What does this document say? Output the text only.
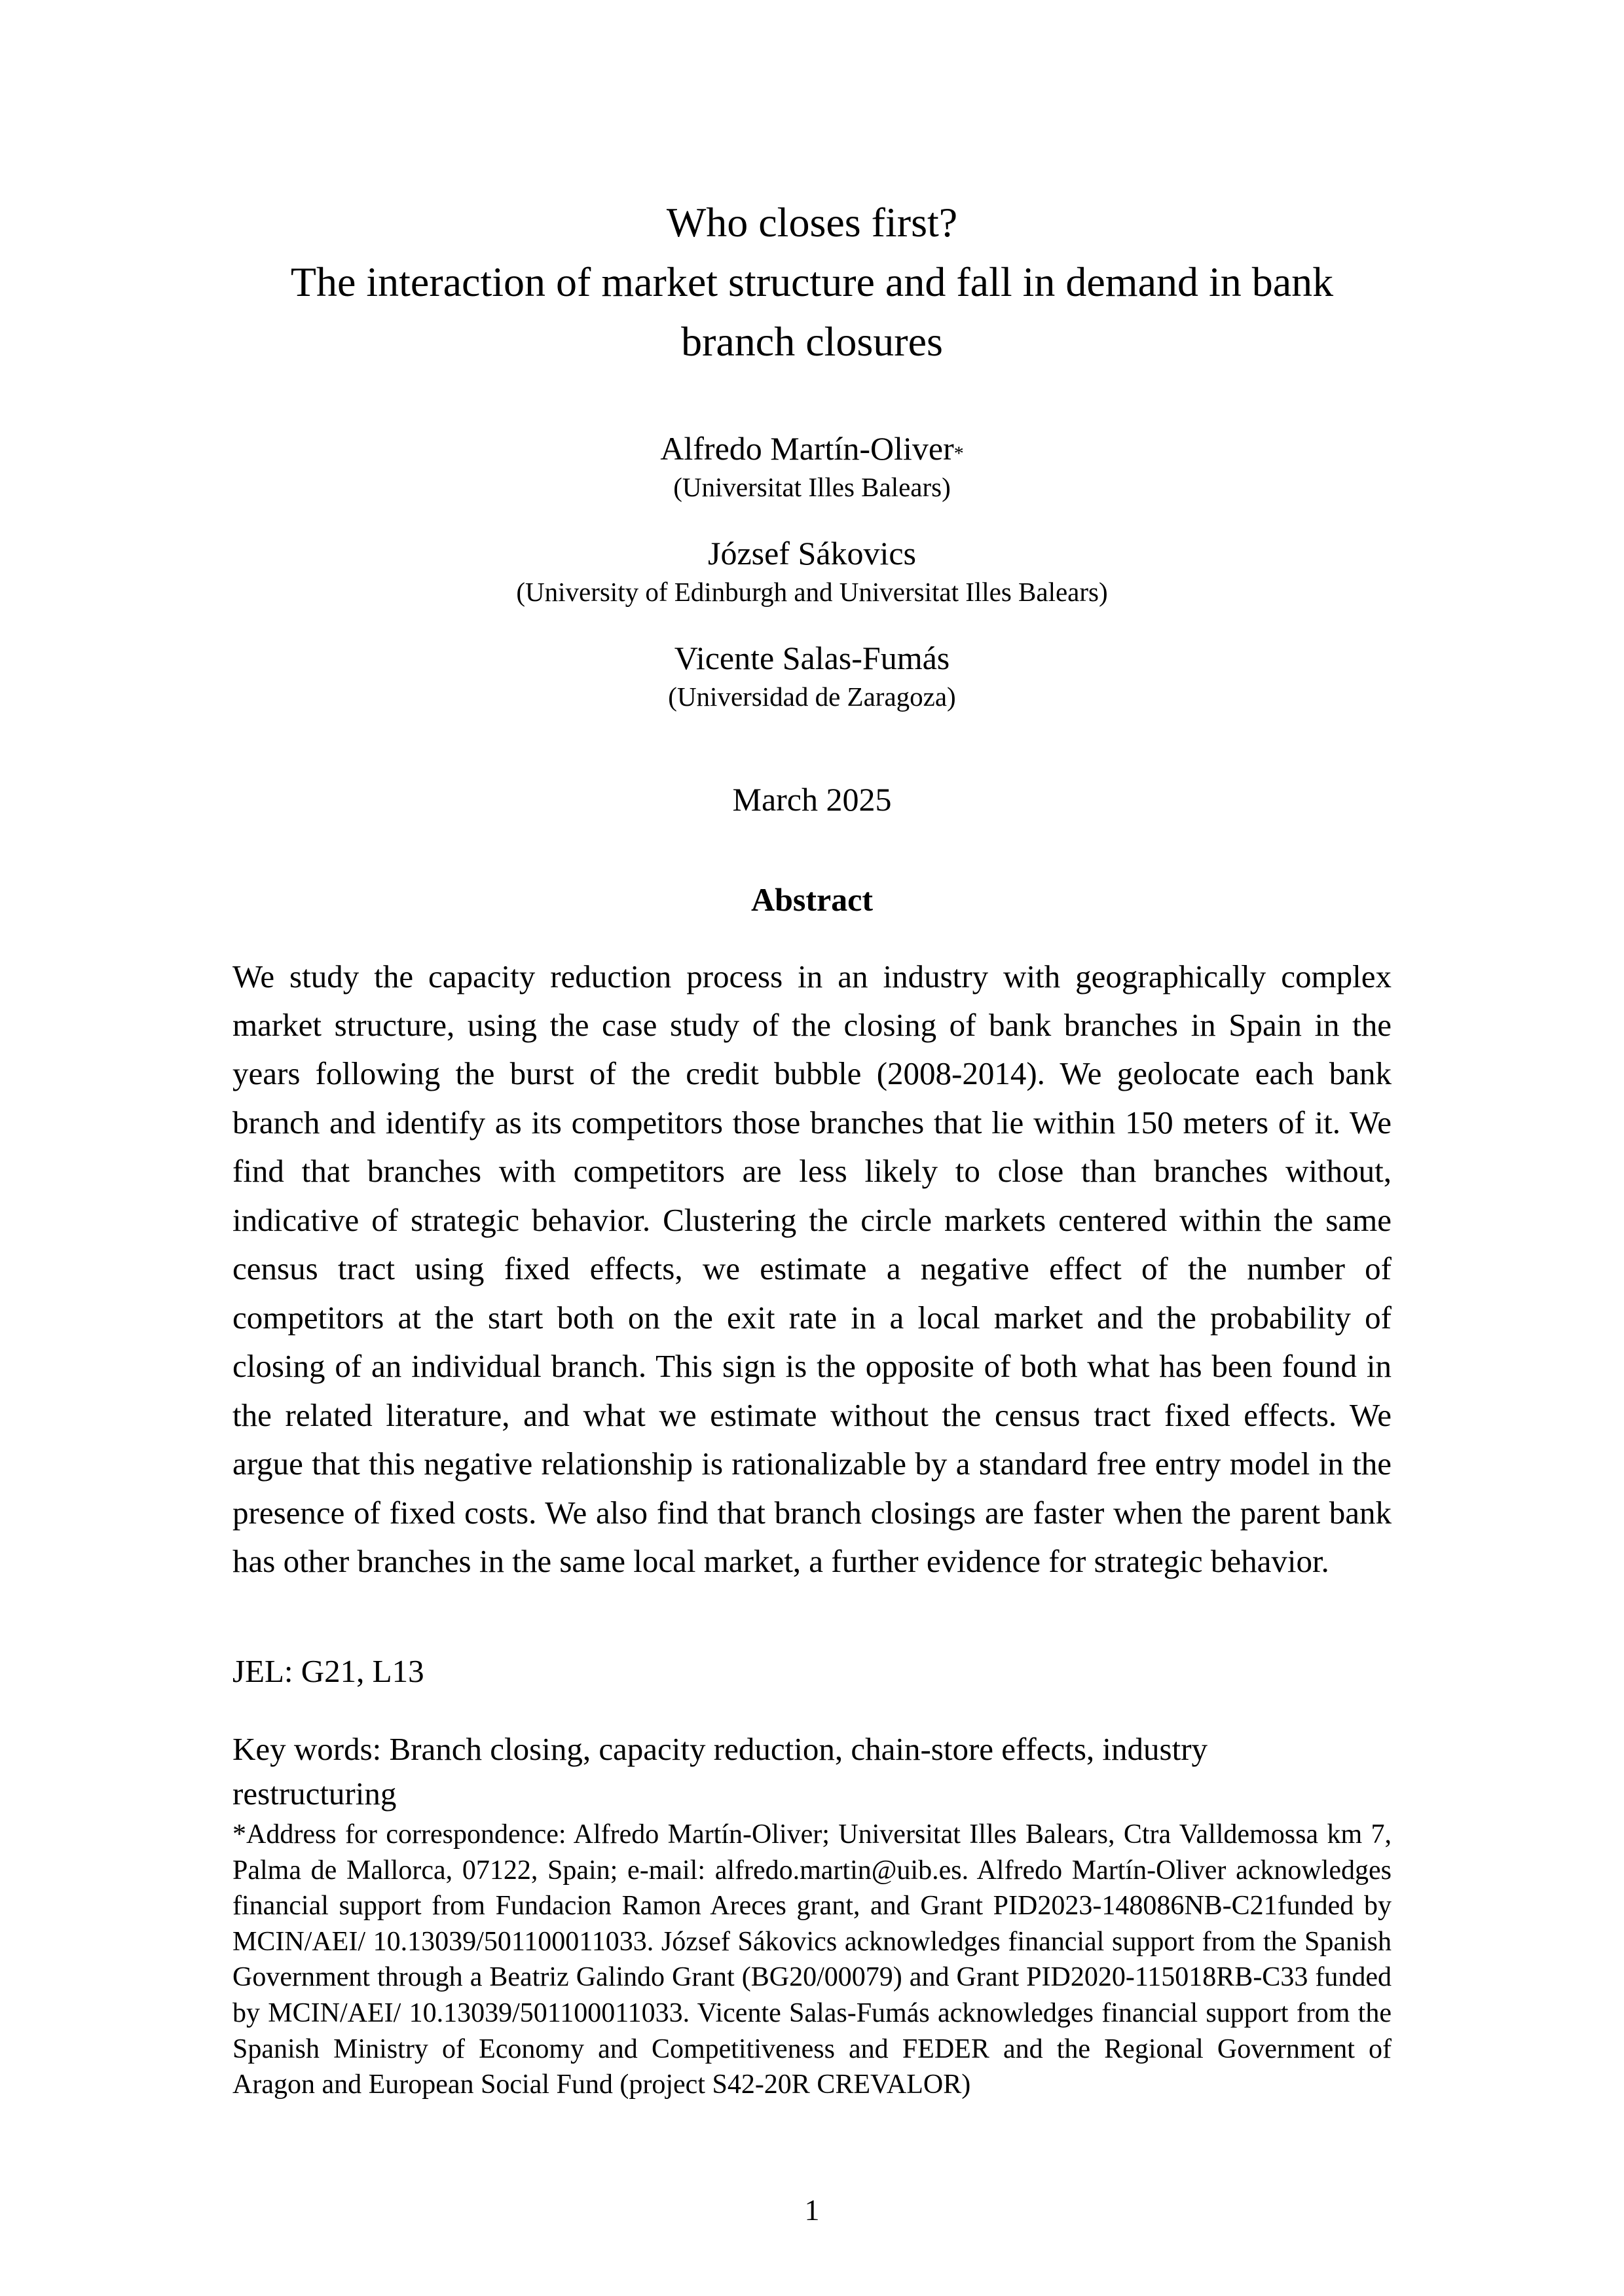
Who closes first?
The interaction of market structure and fall in demand in bank branch closures
Alfredo Martín-Oliver*
(Universitat Illes Balears)
József Sákovics
(University of Edinburgh and Universitat Illes Balears)
Vicente Salas-Fumás
(Universidad de Zaragoza)
March 2025
Abstract

We study the capacity reduction process in an industry with geographically complex market structure, using the case study of the closing of bank branches in Spain in the years following the burst of the credit bubble (2008-2014). We geolocate each bank branch and identify as its competitors those branches that lie within 150 meters of it. We find that branches with competitors are less likely to close than branches without, indicative of strategic behavior. Clustering the circle markets centered within the same census tract using fixed effects, we estimate a negative effect of the number of competitors at the start both on the exit rate in a local market and the probability of closing of an individual branch. This sign is the opposite of both what has been found in the related literature, and what we estimate without the census tract fixed effects. We argue that this negative relationship is rationalizable by a standard free entry model in the presence of fixed costs. We also find that branch closings are faster when the parent bank has other branches in the same local market, a further evidence for strategic behavior.

JEL: G21, L13
Key words: Branch closing, capacity reduction, chain-store effects, industry
restructuring

*Address for correspondence: Alfredo Martín-Oliver; Universitat Illes Balears, Ctra Valldemossa km 7, Palma de Mallorca, 07122, Spain; e-mail: alfredo.martin@uib.es. Alfredo Martín-Oliver acknowledges financial support from Fundacion Ramon Areces grant, and Grant PID2023-148086NB-C21funded by MCIN/AEI/ 10.13039/501100011033. József Sákovics acknowledges financial support from the Spanish Government through a Beatriz Galindo Grant (BG20/00079) and Grant PID2020-115018RB-C33 funded by MCIN/AEI/ 10.13039/501100011033. Vicente Salas-Fumás acknowledges financial support from the Spanish Ministry of Economy and Competitiveness and FEDER and the Regional Government of Aragon and European Social Fund (project S42-20R CREVALOR)

1
